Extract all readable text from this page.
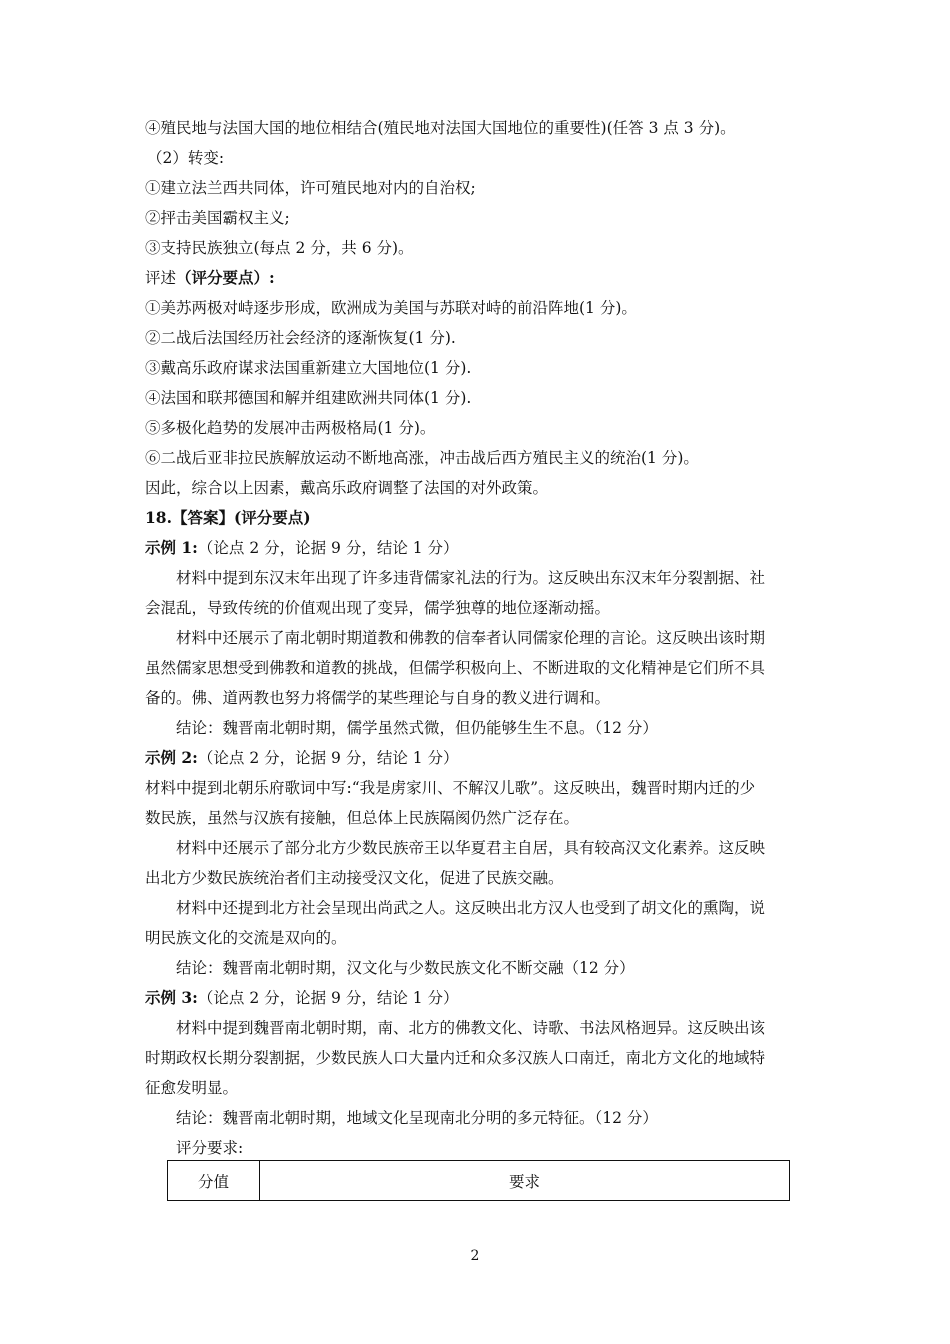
④殖民地与法国大国的地位相结合(殖民地对法国大国地位的重要性)(任答 3 点 3 分)。
（2）转变:
①建立法兰西共同体，许可殖民地对内的自治权;
②抨击美国霸权主义;
③支持民族独立(每点 2 分，共 6 分)。
评述（评分要点）:
①美苏两极对峙逐步形成，欧洲成为美国与苏联对峙的前沿阵地(1 分)。
②二战后法国经历社会经济的逐渐恢复(1 分).
③戴高乐政府谋求法国重新建立大国地位(1 分).
④法国和联邦德国和解并组建欧洲共同体(1 分).
⑤多极化趋势的发展冲击两极格局(1 分)。
⑥二战后亚非拉民族解放运动不断地高涨，冲击战后西方殖民主义的统治(1 分)。
因此，综合以上因素，戴高乐政府调整了法国的对外政策。
18.【答案】(评分要点)
示例 1:（论点 2 分，论据 9 分，结论 1 分）
材料中提到东汉末年出现了许多违背儒家礼法的行为。这反映出东汉末年分裂割据、社
会混乱，导致传统的价值观出现了变异，儒学独尊的地位逐渐动摇。
材料中还展示了南北朝时期道教和佛教的信奉者认同儒家伦理的言论。这反映出该时期
虽然儒家思想受到佛教和道教的挑战，但儒学积极向上、不断进取的文化精神是它们所不具
备的。佛、道两教也努力将儒学的某些理论与自身的教义进行调和。
结论：魏晋南北朝时期，儒学虽然式微，但仍能够生生不息。（12 分）
示例 2:（论点 2 分，论据 9 分，结论 1 分）
材料中提到北朝乐府歌词中写:“我是虏家川、不解汉儿歌”。这反映出，魏晋时期内迁的少
数民族，虽然与汉族有接触，但总体上民族隔阂仍然广泛存在。
材料中还展示了部分北方少数民族帝王以华夏君主自居，具有较高汉文化素养。这反映
出北方少数民族统治者们主动接受汉文化，促进了民族交融。
材料中还提到北方社会呈现出尚武之人。这反映出北方汉人也受到了胡文化的熏陶，说
明民族文化的交流是双向的。
结论：魏晋南北朝时期，汉文化与少数民族文化不断交融（12 分）
示例 3:（论点 2 分，论据 9 分，结论 1 分）
材料中提到魏晋南北朝时期，南、北方的佛教文化、诗歌、书法风格迥异。这反映出该
时期政权长期分裂割据，少数民族人口大量内迁和众多汉族人口南迁，南北方文化的地域特
征愈发明显。
结论：魏晋南北朝时期，地域文化呈现南北分明的多元特征。（12 分）
评分要求:
分值	要求
2
